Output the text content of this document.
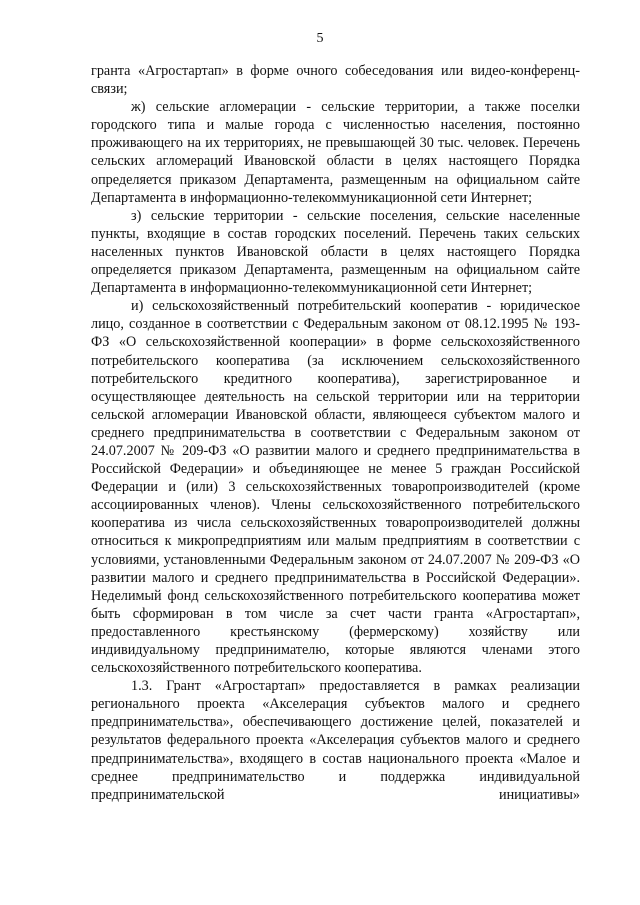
5

гранта «Агростартап» в форме очного собеседования или видео-конференц-связи;

ж) сельские агломерации - сельские территории, а также поселки городского типа и малые города с численностью населения, постоянно проживающего на их территориях, не превышающей 30 тыс. человек. Перечень сельских агломераций Ивановской области в целях настоящего Порядка определяется приказом Департамента, размещенным на официальном сайте Департамента в информационно-телекоммуникационной сети Интернет;

з) сельские территории - сельские поселения, сельские населенные пункты, входящие в состав городских поселений. Перечень таких сельских населенных пунктов Ивановской области в целях настоящего Порядка определяется приказом Департамента, размещенным на официальном сайте Департамента в информационно-телекоммуникационной сети Интернет;

и) сельскохозяйственный потребительский кооператив - юридическое лицо, созданное в соответствии с Федеральным законом от 08.12.1995 № 193-ФЗ «О сельскохозяйственной кооперации» в форме сельскохозяйственного потребительского кооператива (за исключением сельскохозяйственного потребительского кредитного кооператива), зарегистрированное и осуществляющее деятельность на сельской территории или на территории сельской агломерации Ивановской области, являющееся субъектом малого и среднего предпринимательства в соответствии с Федеральным законом от 24.07.2007 № 209-ФЗ «О развитии малого и среднего предпринимательства в Российской Федерации» и объединяющее не менее 5 граждан Российской Федерации и (или) 3 сельскохозяйственных товаропроизводителей (кроме ассоциированных членов). Члены сельскохозяйственного потребительского кооператива из числа сельскохозяйственных товаропроизводителей должны относиться к микропредприятиям или малым предприятиям в соответствии с условиями, установленными Федеральным законом от 24.07.2007 № 209-ФЗ «О развитии малого и среднего предпринимательства в Российской Федерации». Неделимый фонд сельскохозяйственного потребительского кооператива может быть сформирован в том числе за счет части гранта «Агростартап», предоставленного крестьянскому (фермерскому) хозяйству или индивидуальному предпринимателю, которые являются членами этого сельскохозяйственного потребительского кооператива.

1.3. Грант «Агростартап» предоставляется в рамках реализации регионального проекта «Акселерация субъектов малого и среднего предпринимательства», обеспечивающего достижение целей, показателей и результатов федерального проекта «Акселерация субъектов малого и среднего предпринимательства», входящего в состав национального проекта «Малое и среднее предпринимательство и поддержка индивидуальной предпринимательской инициативы»
